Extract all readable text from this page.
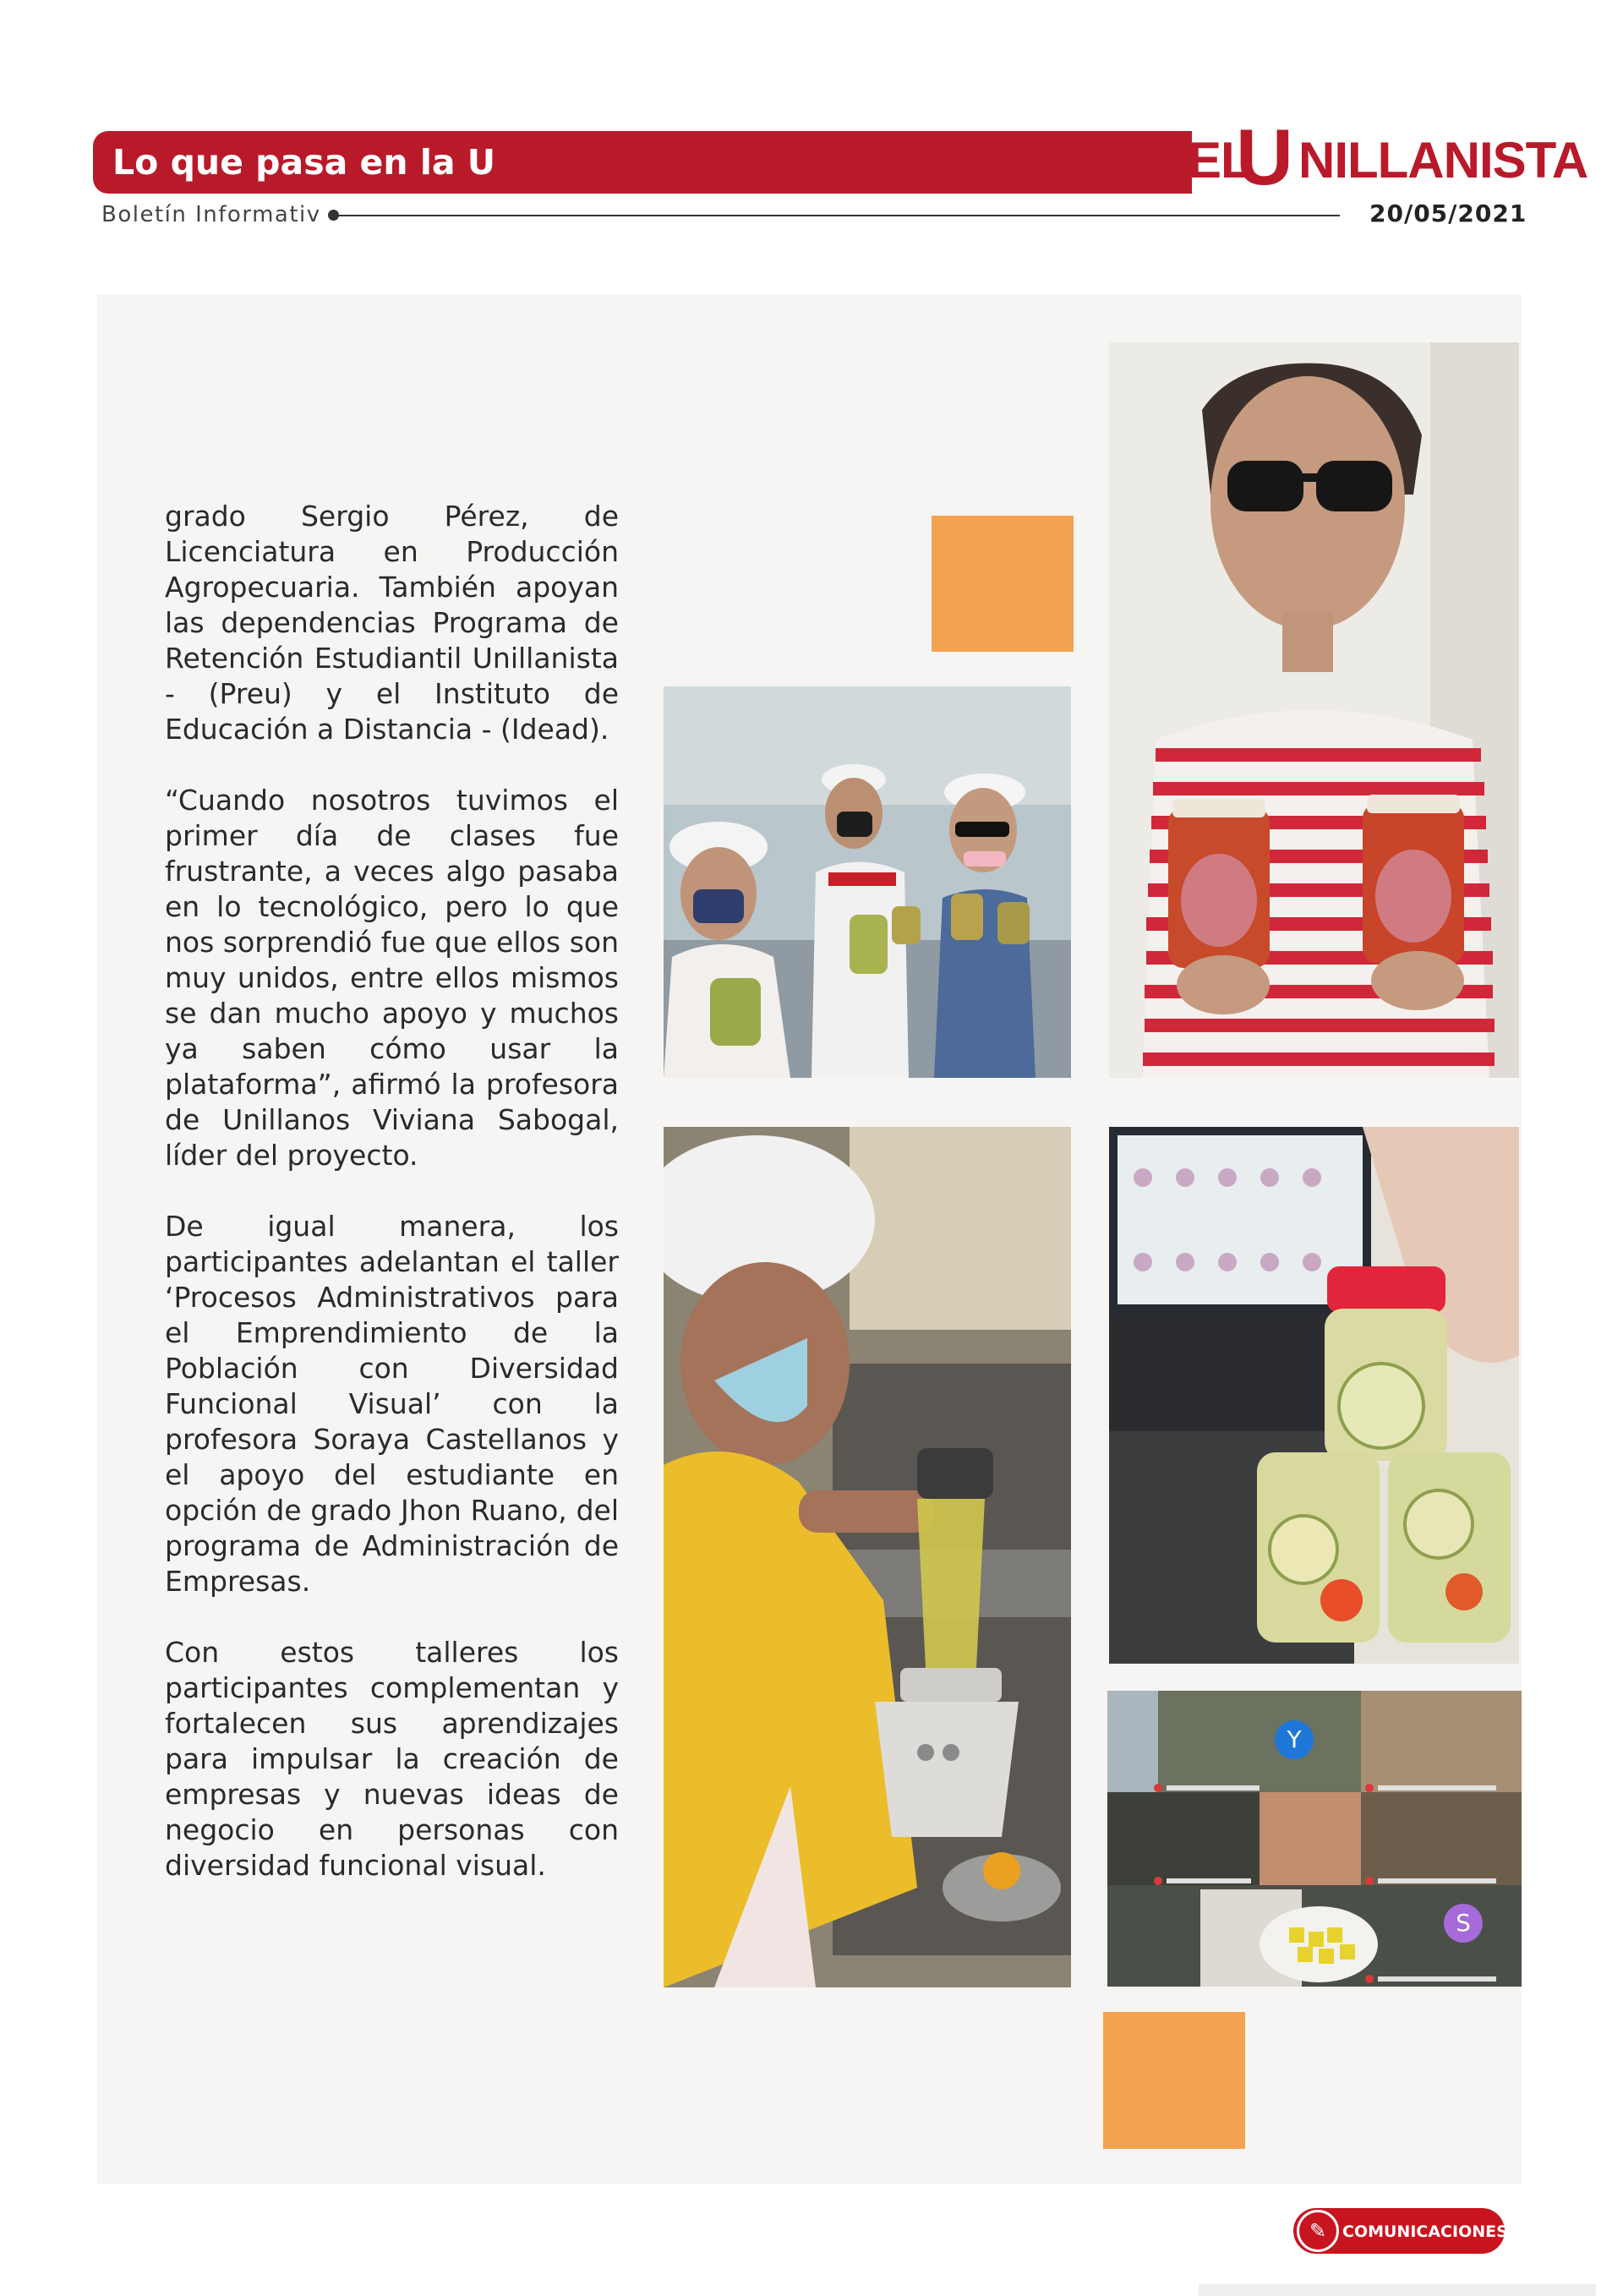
Lo que pasa en la U	EL
U NILLANISTA
Boletín Informativ	20/05/2021

grado Sergio Pérez, de Licenciatura en Producción Agropecuaria. También apoyan las dependencias Programa de Retención Estudiantil Unillanista - (Preu) y el Instituto de Educación a Distancia - (Idead).

“Cuando nosotros tuvimos el primer día de clases fue frustrante, a veces algo pasaba en lo tecnológico, pero lo que nos sorprendió fue que ellos son muy unidos, entre ellos mismos se dan mucho apoyo y muchos ya saben cómo usar la plataforma”, afirmó la profesora de Unillanos Viviana Sabogal, líder del proyecto.

De igual manera, los participantes adelantan el taller ‘Procesos Administrativos para el Emprendimiento de la Población con Diversidad Funcional Visual’ con la profesora Soraya Castellanos y el apoyo del estudiante en opción de grado Jhon Ruano, del programa de Administración de Empresas.

Con estos talleres los participantes complementan y fortalecen sus aprendizajes para impulsar la creación de empresas y nuevas ideas de negocio en personas con diversidad funcional visual.

Y
S
✎ COMUNICACIONES
